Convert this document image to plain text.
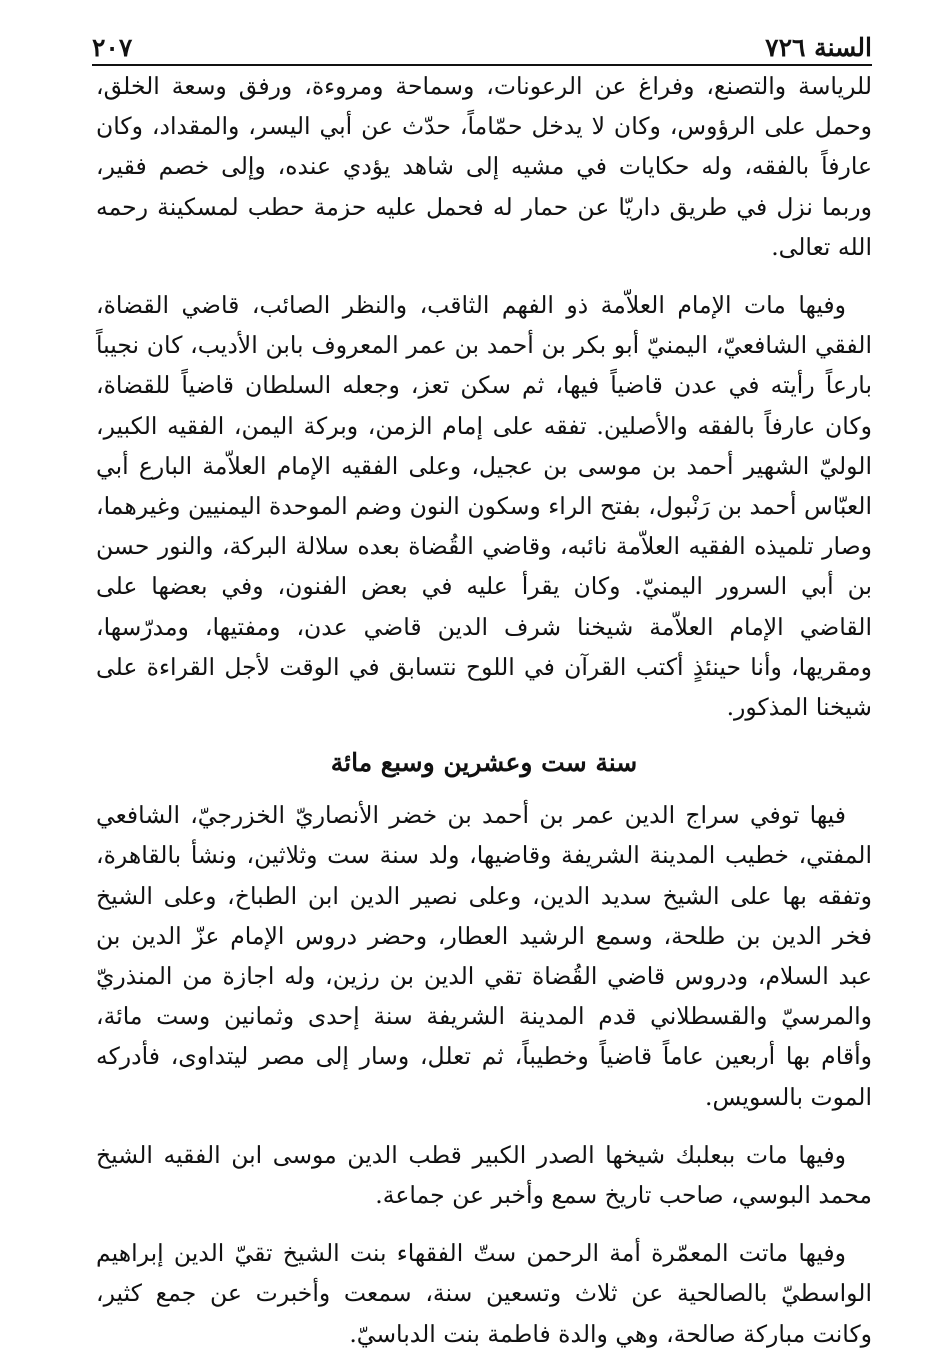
السنة ٧٢٦
٢٠٧

للرياسة والتصنع، وفراغ عن الرعونات، وسماحة ومروءة، ورفق وسعة الخلق، وحمل على الرؤوس، وكان لا يدخل حمّاماً، حدّث عن أبي اليسر، والمقداد، وكان عارفاً بالفقه، وله حكايات في مشيه إلى شاهد يؤدي عنده، وإلى خصم فقير، وربما نزل في طريق داريّا عن حمار له فحمل عليه حزمة حطب لمسكينة رحمه الله تعالى.

وفيها مات الإمام العلاّمة ذو الفهم الثاقب، والنظر الصائب، قاضي القضاة، الفقي الشافعيّ، اليمنيّ أبو بكر بن أحمد بن عمر المعروف بابن الأديب، كان نجيباً بارعاً رأيته في عدن قاضياً فيها، ثم سكن تعز، وجعله السلطان قاضياً للقضاة، وكان عارفاً بالفقه والأصلين. تفقه على إمام الزمن، وبركة اليمن، الفقيه الكبير، الوليّ الشهير أحمد بن موسى بن عجيل، وعلى الفقيه الإمام العلاّمة البارع أبي العبّاس أحمد بن رَنْبول، بفتح الراء وسكون النون وضم الموحدة اليمنيين وغيرهما، وصار تلميذه الفقيه العلاّمة نائبه، وقاضي القُضاة بعده سلالة البركة، والنور حسن بن أبي السرور اليمنيّ. وكان يقرأ عليه في بعض الفنون، وفي بعضها على القاضي الإمام العلاّمة شيخنا شرف الدين قاضي عدن، ومفتيها، ومدرّسها، ومقريها، وأنا حينئذٍ أكتب القرآن في اللوح نتسابق في الوقت لأجل القراءة على شيخنا المذكور.

سنة ست وعشرين وسبع مائة

فيها توفي سراج الدين عمر بن أحمد بن خضر الأنصاريّ الخزرجيّ، الشافعي المفتي، خطيب المدينة الشريفة وقاضيها، ولد سنة ست وثلاثين، ونشأ بالقاهرة، وتفقه بها على الشيخ سديد الدين، وعلى نصير الدين ابن الطباخ، وعلى الشيخ فخر الدين بن طلحة، وسمع الرشيد العطار، وحضر دروس الإمام عزّ الدين بن عبد السلام، ودروس قاضي القُضاة تقي الدين بن رزين، وله اجازة من المنذريّ والمرسيّ والقسطلاني قدم المدينة الشريفة سنة إحدى وثمانين وست مائة، وأقام بها أربعين عاماً قاضياً وخطيباً، ثم تعلل، وسار إلى مصر ليتداوى، فأدركه الموت بالسويس.

وفيها مات ببعلبك شيخها الصدر الكبير قطب الدين موسى ابن الفقيه الشيخ محمد البوسي، صاحب تاريخ سمع وأخبر عن جماعة.

وفيها ماتت المعمّرة أمة الرحمن ستّ الفقهاء بنت الشيخ تقيّ الدين إبراهيم الواسطيّ بالصالحية عن ثلاث وتسعين سنة، سمعت وأخبرت عن جمع كثير، وكانت مباركة صالحة، وهي والدة فاطمة بنت الدباسيّ.
